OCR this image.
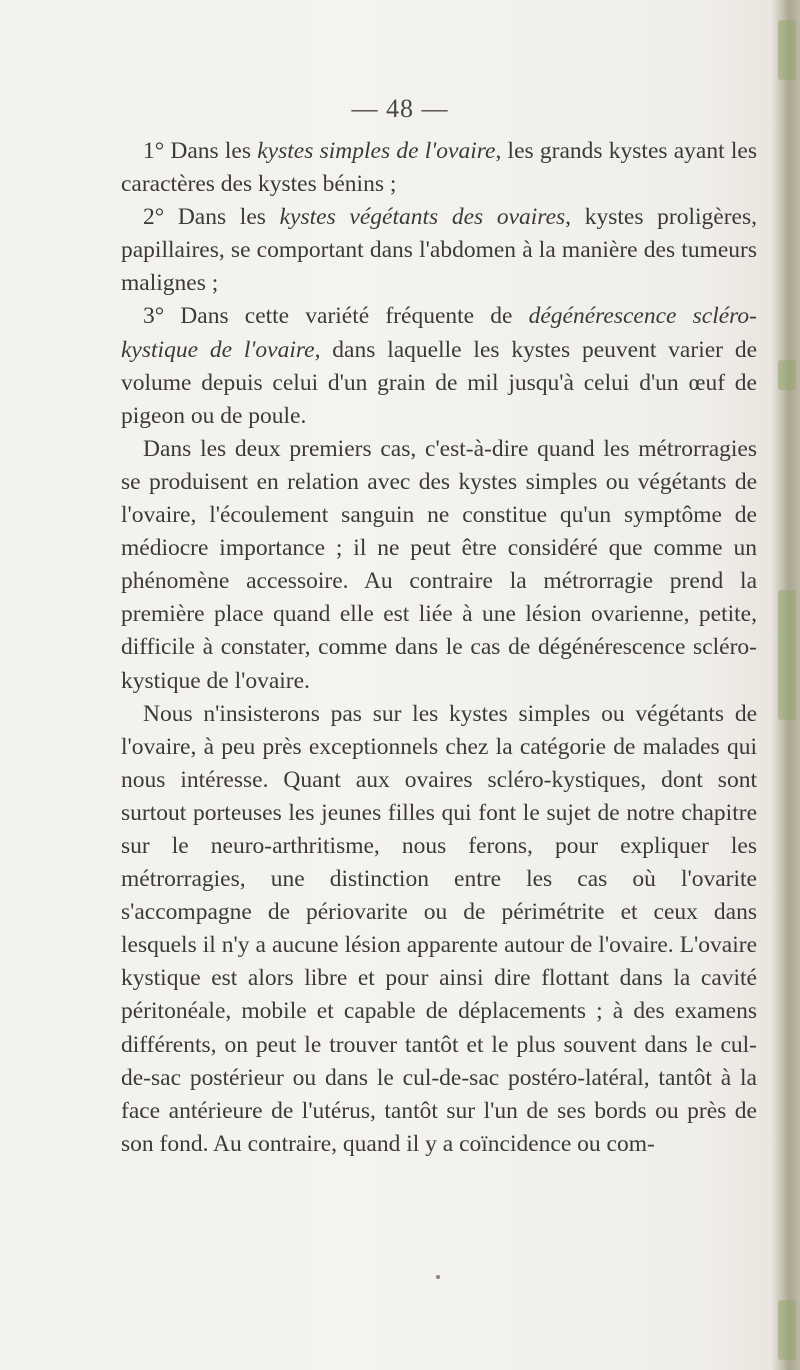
— 48 —

1° Dans les kystes simples de l'ovaire, les grands kystes ayant les caractères des kystes bénins ;

2° Dans les kystes végétants des ovaires, kystes proligères, papillaires, se comportant dans l'abdomen à la manière des tumeurs malignes ;

3° Dans cette variété fréquente de dégénérescence scléro-kystique de l'ovaire, dans laquelle les kystes peuvent varier de volume depuis celui d'un grain de mil jusqu'à celui d'un œuf de pigeon ou de poule.

Dans les deux premiers cas, c'est-à-dire quand les métrorragies se produisent en relation avec des kystes simples ou végétants de l'ovaire, l'écoulement sanguin ne constitue qu'un symptôme de médiocre importance ; il ne peut être considéré que comme un phénomène accessoire. Au contraire la métrorragie prend la première place quand elle est liée à une lésion ovarienne, petite, difficile à constater, comme dans le cas de dégénérescence scléro-kystique de l'ovaire.

Nous n'insisterons pas sur les kystes simples ou végétants de l'ovaire, à peu près exceptionnels chez la catégorie de malades qui nous intéresse. Quant aux ovaires scléro-kystiques, dont sont surtout porteuses les jeunes filles qui font le sujet de notre chapitre sur le neuro-arthritisme, nous ferons, pour expliquer les métrorragies, une distinction entre les cas où l'ovarite s'accompagne de périovarite ou de périmétrite et ceux dans lesquels il n'y a aucune lésion apparente autour de l'ovaire. L'ovaire kystique est alors libre et pour ainsi dire flottant dans la cavité péritonéale, mobile et capable de déplacements ; à des examens différents, on peut le trouver tantôt et le plus souvent dans le cul-de-sac postérieur ou dans le cul-de-sac postéro-latéral, tantôt à la face antérieure de l'utérus, tantôt sur l'un de ses bords ou près de son fond. Au contraire, quand il y a coïncidence ou com-
